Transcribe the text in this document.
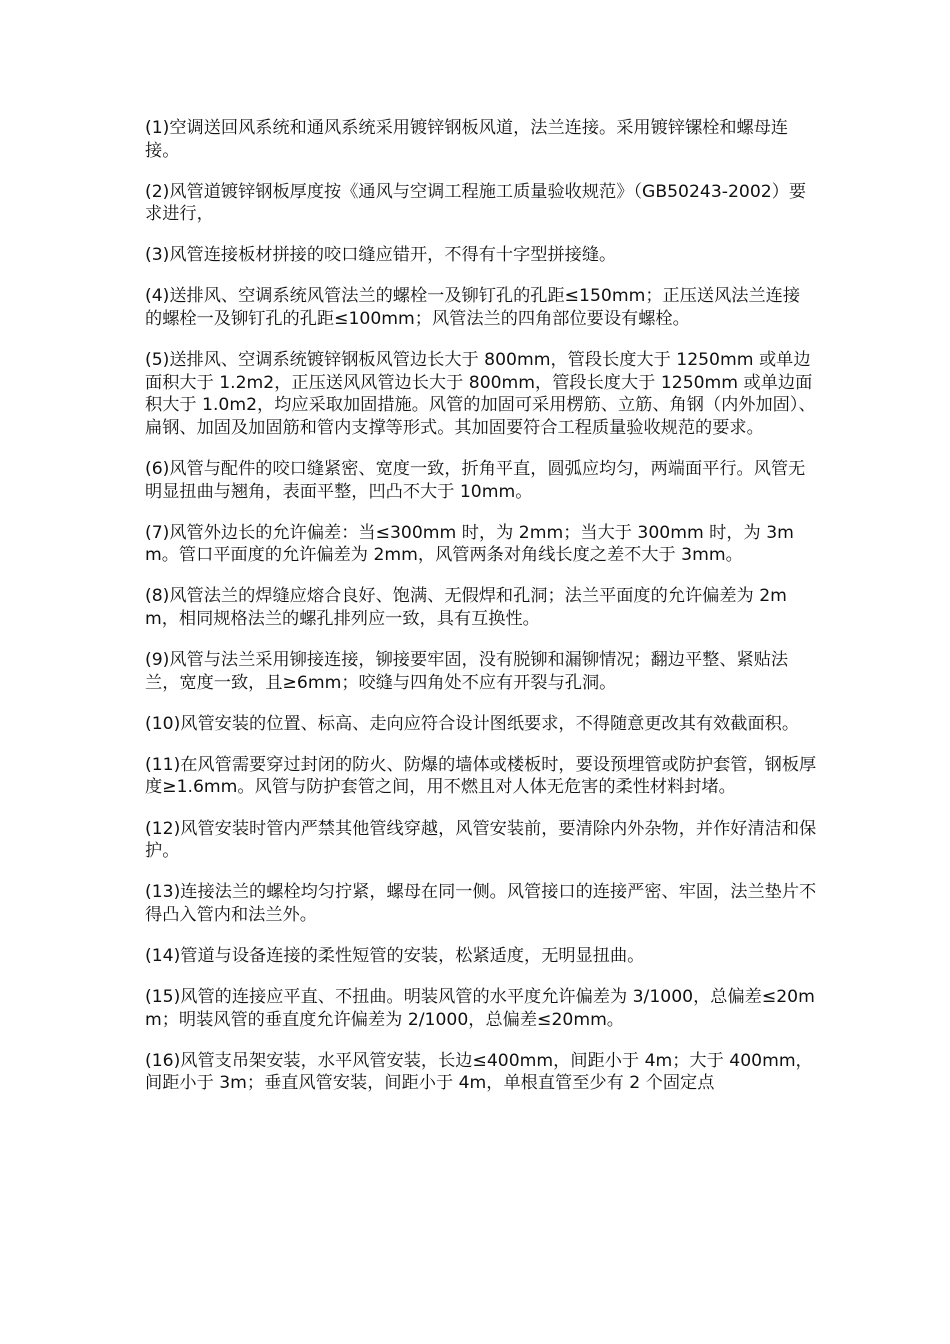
(1)空调送回风系统和通风系统采用镀锌钢板风道，法兰连接。采用镀锌镙栓和螺母连接。

(2)风管道镀锌钢板厚度按《通风与空调工程施工质量验收规范》（GB50243-2002）要求进行，

(3)风管连接板材拼接的咬口缝应错开，不得有十字型拼接缝。

(4)送排风、空调系统风管法兰的螺栓一及铆钉孔的孔距≤150mm；正压送风法兰连接的螺栓一及铆钉孔的孔距≤100mm；风管法兰的四角部位要设有螺栓。

(5)送排风、空调系统镀锌钢板风管边长大于 800mm，管段长度大于 1250mm 或单边面积大于 1.2m2，正压送风风管边长大于 800mm，管段长度大于 1250mm 或单边面积大于 1.0m2，均应采取加固措施。风管的加固可采用楞筋、立筋、角钢（内外加固）、扁钢、加固及加固筋和管内支撑等形式。其加固要符合工程质量验收规范的要求。

(6)风管与配件的咬口缝紧密、宽度一致，折角平直，圆弧应均匀，两端面平行。风管无明显扭曲与翘角，表面平整，凹凸不大于 10mm。

(7)风管外边长的允许偏差：当≤300mm 时，为 2mm；当大于 300mm 时，为 3mm。管口平面度的允许偏差为 2mm，风管两条对角线长度之差不大于 3mm。

(8)风管法兰的焊缝应熔合良好、饱满、无假焊和孔洞；法兰平面度的允许偏差为 2mm，相同规格法兰的螺孔排列应一致，具有互换性。

(9)风管与法兰采用铆接连接，铆接要牢固，没有脱铆和漏铆情况；翻边平整、紧贴法兰，宽度一致，且≥6mm；咬缝与四角处不应有开裂与孔洞。

(10)风管安装的位置、标高、走向应符合设计图纸要求，不得随意更改其有效截面积。

(11)在风管需要穿过封闭的防火、防爆的墙体或楼板时，要设预埋管或防护套管，钢板厚度≥1.6mm。风管与防护套管之间，用不燃且对人体无危害的柔性材料封堵。

(12)风管安装时管内严禁其他管线穿越，风管安装前，要清除内外杂物，并作好清洁和保护。

(13)连接法兰的螺栓均匀拧紧，螺母在同一侧。风管接口的连接严密、牢固，法兰垫片不得凸入管内和法兰外。

(14)管道与设备连接的柔性短管的安装，松紧适度，无明显扭曲。

(15)风管的连接应平直、不扭曲。明装风管的水平度允许偏差为 3/1000，总偏差≤20mm；明装风管的垂直度允许偏差为 2/1000，总偏差≤20mm。

(16)风管支吊架安装，水平风管安装，长边≤400mm，间距小于 4m；大于 400mm，间距小于 3m；垂直风管安装，间距小于 4m，单根直管至少有 2 个固定点
